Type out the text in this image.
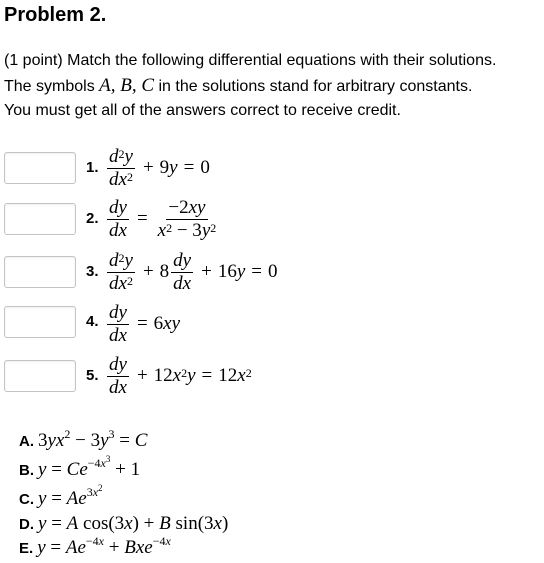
Problem 2.
(1 point) Match the following differential equations with their solutions.
The symbols A, B, C in the solutions stand for arbitrary constants.
You must get all of the answers correct to receive credit.
1. $\frac{d^2y}{dx^2} + 9$ y = 0
2. $\frac{dy}{dx} = \frac{-2xy}{x^2 - 3y^2}$
3. $\frac{d^2y}{dx^2} + 8 \frac{dy}{dx} + 16$ y = 0
4. $\frac{dy}{dx} = 6$ xy
5. $\frac{dy}{dx} + 12$ $x^2$ y = 12 $x^2$
A. $3yx^2 - 3y^3 = C$
B. $y = Ce^{-4x^3} + 1$
C. $y = Ae^{3x^2}$
D. y = A cos(3x) + B sin(3x)
E. $y = Ae^{-4x} + Bxe^{-4x}$
